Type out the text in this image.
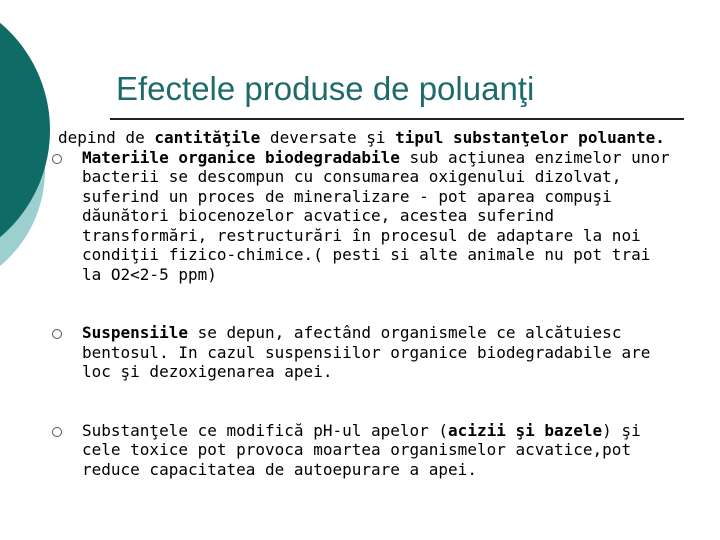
Efectele produse de poluanţi

depind de cantităţile deversate şi tipul substanţelor poluante.

Materiile organice biodegradabile sub acţiunea enzimelor unor bacterii se descompun cu consumarea oxigenului dizolvat, suferind un proces de mineralizare - pot aparea compuşi dăunători biocenozelor acvatice, acestea suferind transformări, restructurări în procesul de adaptare la noi condiţii fizico-chimice.( pesti si alte animale nu pot trai la O2<2-5 ppm)

Suspensiile se depun, afectând organismele ce alcătuiesc bentosul. In cazul suspensiilor organice biodegradabile are loc şi dezoxigenarea apei.

Substanţele ce modifică pH-ul apelor (acizii şi bazele) şi cele toxice pot provoca moartea organismelor acvatice,pot reduce capacitatea de autoepurare a apei.
